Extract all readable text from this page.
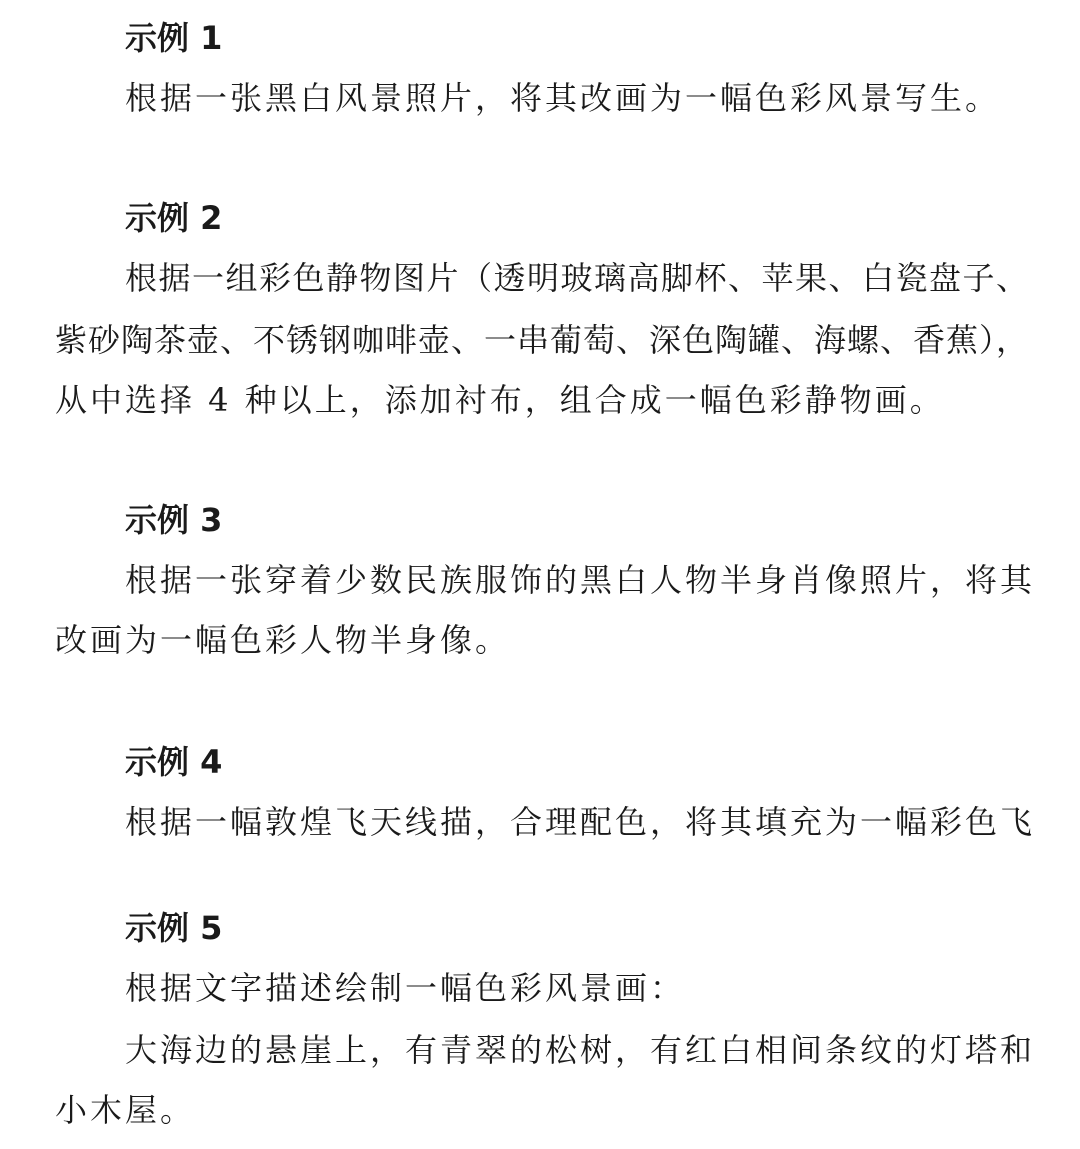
示例 1
根据一张黑白风景照片，将其改画为一幅色彩风景写生。
示例 2
根据一组彩色静物图片（透明玻璃高脚杯、苹果、白瓷盘子、
紫砂陶茶壶、不锈钢咖啡壶、一串葡萄、深色陶罐、海螺、香蕉），
从中选择 4 种以上，添加衬布，组合成一幅色彩静物画。
示例 3
根据一张穿着少数民族服饰的黑白人物半身肖像照片，将其
改画为一幅色彩人物半身像。
示例 4
根据一幅敦煌飞天线描，合理配色，将其填充为一幅彩色飞
示例 5
根据文字描述绘制一幅色彩风景画：
大海边的悬崖上，有青翠的松树，有红白相间条纹的灯塔和
小木屋。
